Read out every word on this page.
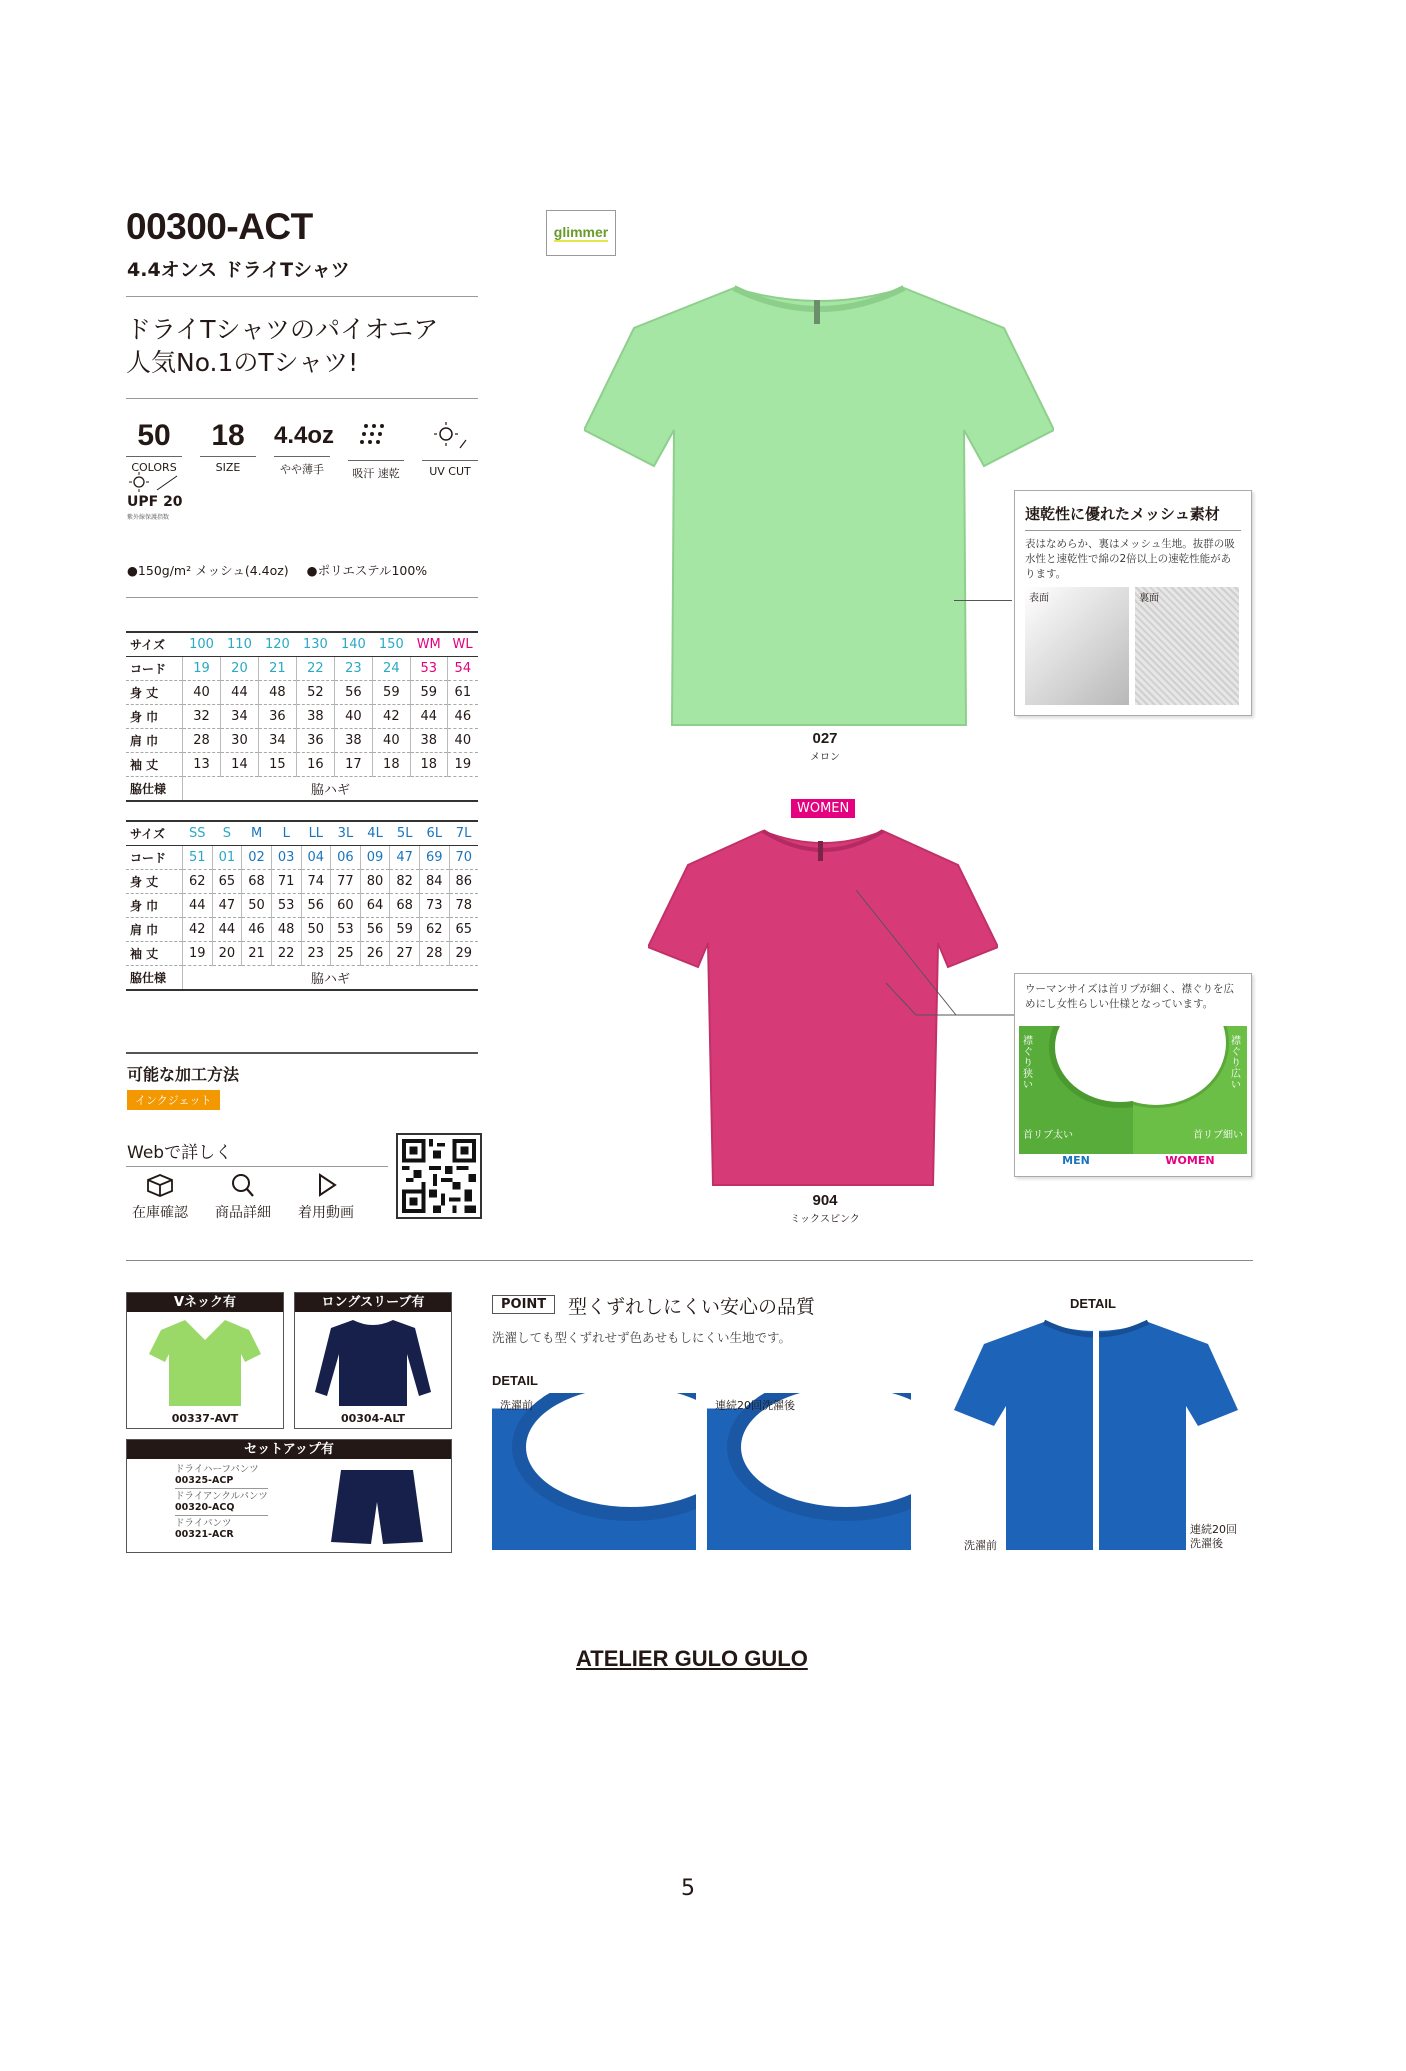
00300-ACT
4.4オンス ドライTシャツ
ドライTシャツのパイオニア
人気No.1のTシャツ!
glimmer
50
COLORS
18
SIZE
4.4oz
やや薄手	吸汗 速乾	UV CUT
UPF 20
紫外線保護指数
●150g/m² メッシュ(4.4oz) ●ポリエステル100%
サイズ	100	110	120	130	140	150	WM	WL
コード	19	20	21	22	23	24	53	54
身 丈	40	44	48	52	56	59	59	61
身 巾	32	34	36	38	40	42	44	46
肩 巾	28	30	34	36	38	40	38	40
袖 丈	13	14	15	16	17	18	18	19
脇仕様	脇ハギ							
サイズ	SS	S	M	L	LL	3L	4L	5L	6L	7L
コード	51	01	02	03	04	06	09	47	69	70
身 丈	62	65	68	71	74	77	80	82	84	86
身 巾	44	47	50	53	56	60	64	68	73	78
肩 巾	42	44	46	48	50	53	56	59	62	65
袖 丈	19	20	21	22	23	25	26	27	28	29
脇仕様	脇ハギ									
可能な加工方法
インクジェット
Webで詳しく
在庫確認	商品詳細	着用動画
027
メロン
速乾性に優れたメッシュ素材
表はなめらか、裏はメッシュ生地。抜群の吸水性と速乾性で綿の2倍以上の速乾性能があります。
表面	裏面
WOMEN
904
ミックスピンク
ウーマンサイズは首リブが細く、襟ぐりを広めにし女性らしい仕様となっています。
襟ぐり狭い
首リブ太い
襟ぐり広い
首リブ細い
MEN	WOMEN
Vネック有
00337-AVT
ロングスリーブ有
00304-ALT
セットアップ有
ドライハーフパンツ
00325-ACP
ドライアンクルパンツ
00320-ACQ
ドライパンツ
00321-ACR
POINT	型くずれしにくい安心の品質
洗濯しても型くずれせず色あせもしにくい生地です。
DETAIL
洗濯前	連続20回洗濯後
DETAIL
洗濯前
連続20回
洗濯後
ATELIER GULO GULO
5
